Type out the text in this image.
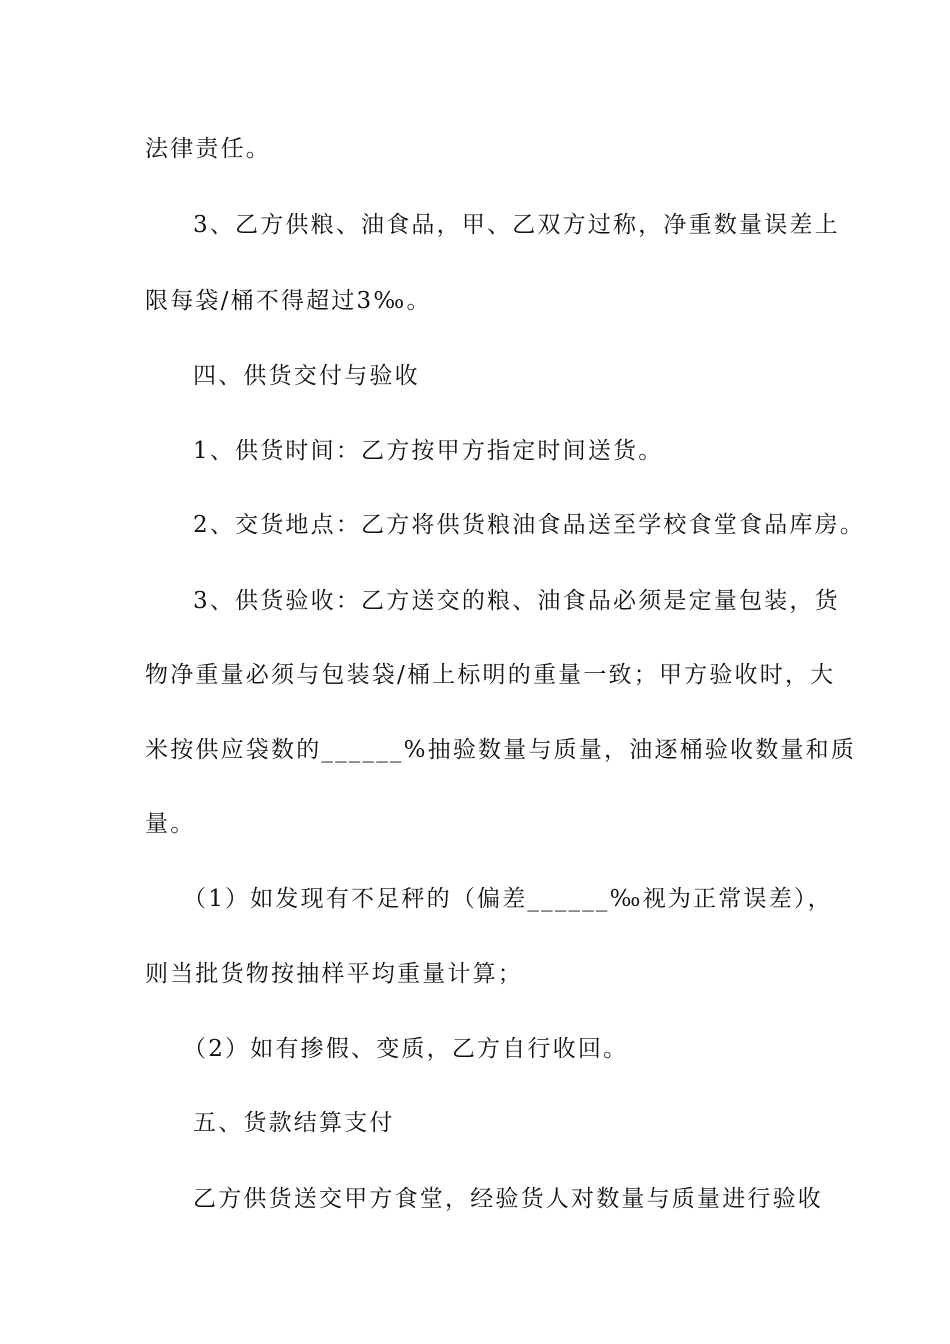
法律责任。
3、乙方供粮、油食品，甲、乙双方过称，净重数量误差上
限每袋/桶不得超过3‰。
四、供货交付与验收
1、供货时间：乙方按甲方指定时间送货。
2、交货地点：乙方将供货粮油食品送至学校食堂食品库房。
3、供货验收：乙方送交的粮、油食品必须是定量包装，货
物净重量必须与包装袋/桶上标明的重量一致；甲方验收时，大
米按供应袋数的______%抽验数量与质量，油逐桶验收数量和质
量。
（1）如发现有不足秤的（偏差______‰视为正常误差），
则当批货物按抽样平均重量计算；
（2）如有掺假、变质，乙方自行收回。
五、货款结算支付
乙方供货送交甲方食堂，经验货人对数量与质量进行验收
